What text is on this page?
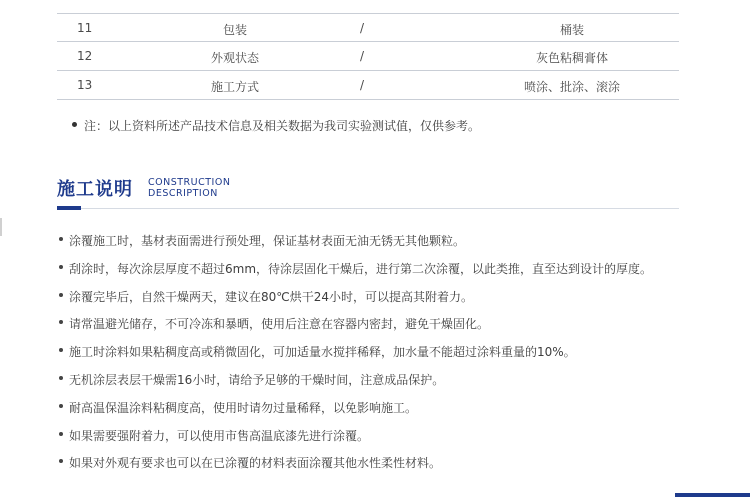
11	包装	/	桶装
12	外观状态	/	灰色粘稠膏体
13	施工方式	/	喷涂、批涂、滚涂
注：以上资料所述产品技术信息及相关数据为我司实验测试值，仅供参考。
施工说明 CONSTRUCTION
DESCRIPTION
涂覆施工时，基材表面需进行预处理，保证基材表面无油无锈无其他颗粒。
刮涂时，每次涂层厚度不超过6mm，待涂层固化干燥后，进行第二次涂覆，以此类推，直至达到设计的厚度。
涂覆完毕后，自然干燥两天，建议在80℃烘干24小时，可以提高其附着力。
请常温避光储存，不可冷冻和暴晒，使用后注意在容器内密封，避免干燥固化。
施工时涂料如果粘稠度高或稍微固化，可加适量水搅拌稀释，加水量不能超过涂料重量的10%。
无机涂层表层干燥需16小时，请给予足够的干燥时间，注意成品保护。
耐高温保温涂料粘稠度高，使用时请勿过量稀释，以免影响施工。
如果需要强附着力，可以使用市售高温底漆先进行涂覆。
如果对外观有要求也可以在已涂覆的材料表面涂覆其他水性柔性材料。
